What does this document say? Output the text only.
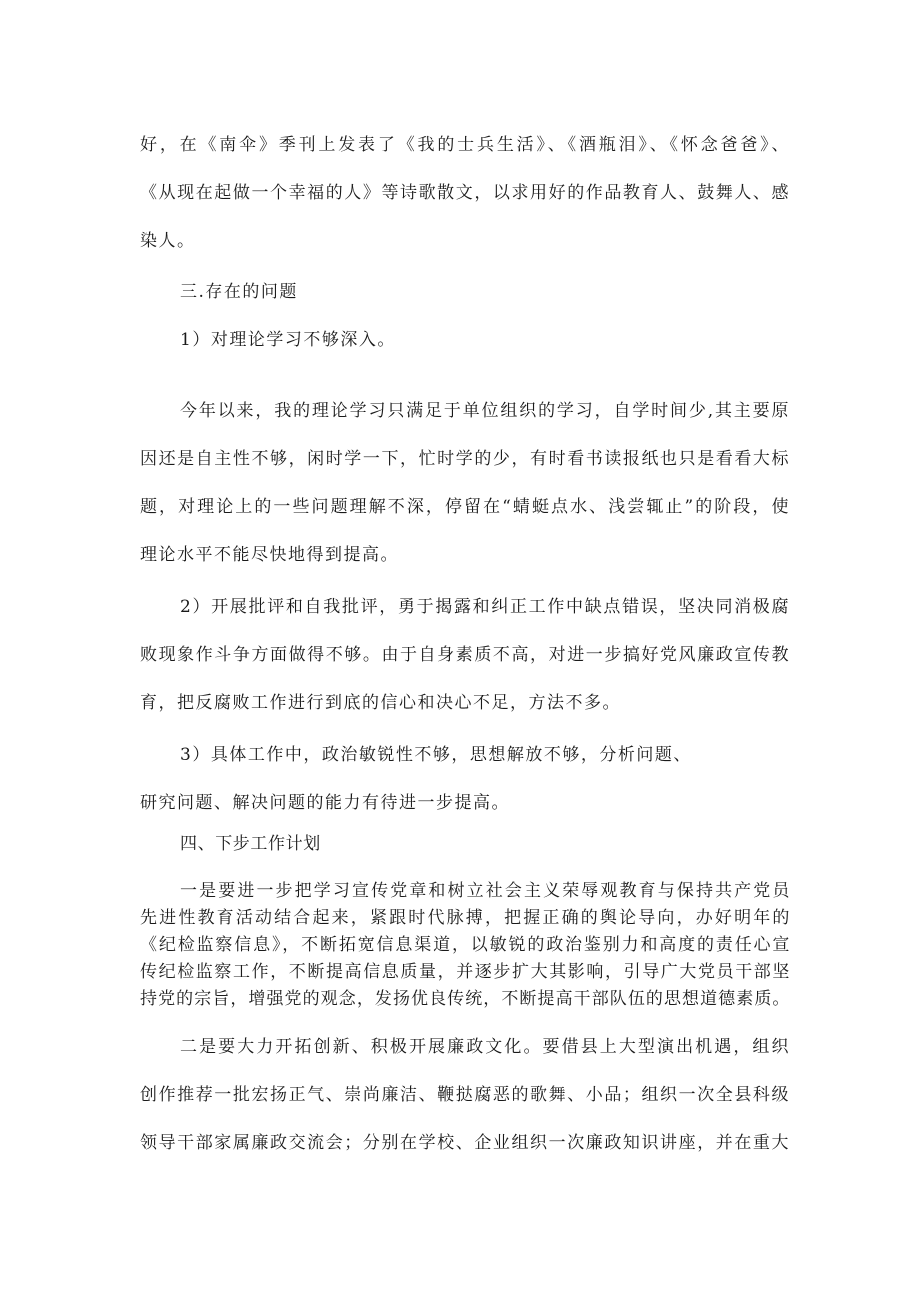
好，在《南伞》季刊上发表了《我的士兵生活》、《酒瓶泪》、《怀念爸爸》、
《从现在起做一个幸福的人》等诗歌散文，以求用好的作品教育人、鼓舞人、感
染人。
三.存在的问题
1）对理论学习不够深入。
今年以来，我的理论学习只满足于单位组织的学习，自学时间少,其主要原
因还是自主性不够，闲时学一下，忙时学的少，有时看书读报纸也只是看看大标
题，对理论上的一些问题理解不深，停留在“蜻蜓点水、浅尝辄止”的阶段，使
理论水平不能尽快地得到提高。
2）开展批评和自我批评，勇于揭露和纠正工作中缺点错误，坚决同消极腐
败现象作斗争方面做得不够。由于自身素质不高，对进一步搞好党风廉政宣传教
育，把反腐败工作进行到底的信心和决心不足，方法不多。
3）具体工作中，政治敏锐性不够，思想解放不够，分析问题、
研究问题、解决问题的能力有待进一步提高。
四、下步工作计划
一是要进一步把学习宣传党章和树立社会主义荣辱观教育与保持共产党员
先进性教育活动结合起来，紧跟时代脉搏，把握正确的舆论导向，办好明年的
《纪检监察信息》，不断拓宽信息渠道，以敏锐的政治鉴别力和高度的责任心宣
传纪检监察工作，不断提高信息质量，并逐步扩大其影响，引导广大党员干部坚
持党的宗旨，增强党的观念，发扬优良传统，不断提高干部队伍的思想道德素质。
二是要大力开拓创新、积极开展廉政文化。要借县上大型演出机遇，组织
创作推荐一批宏扬正气、崇尚廉洁、鞭挞腐恶的歌舞、小品；组织一次全县科级
领导干部家属廉政交流会；分别在学校、企业组织一次廉政知识讲座，并在重大
